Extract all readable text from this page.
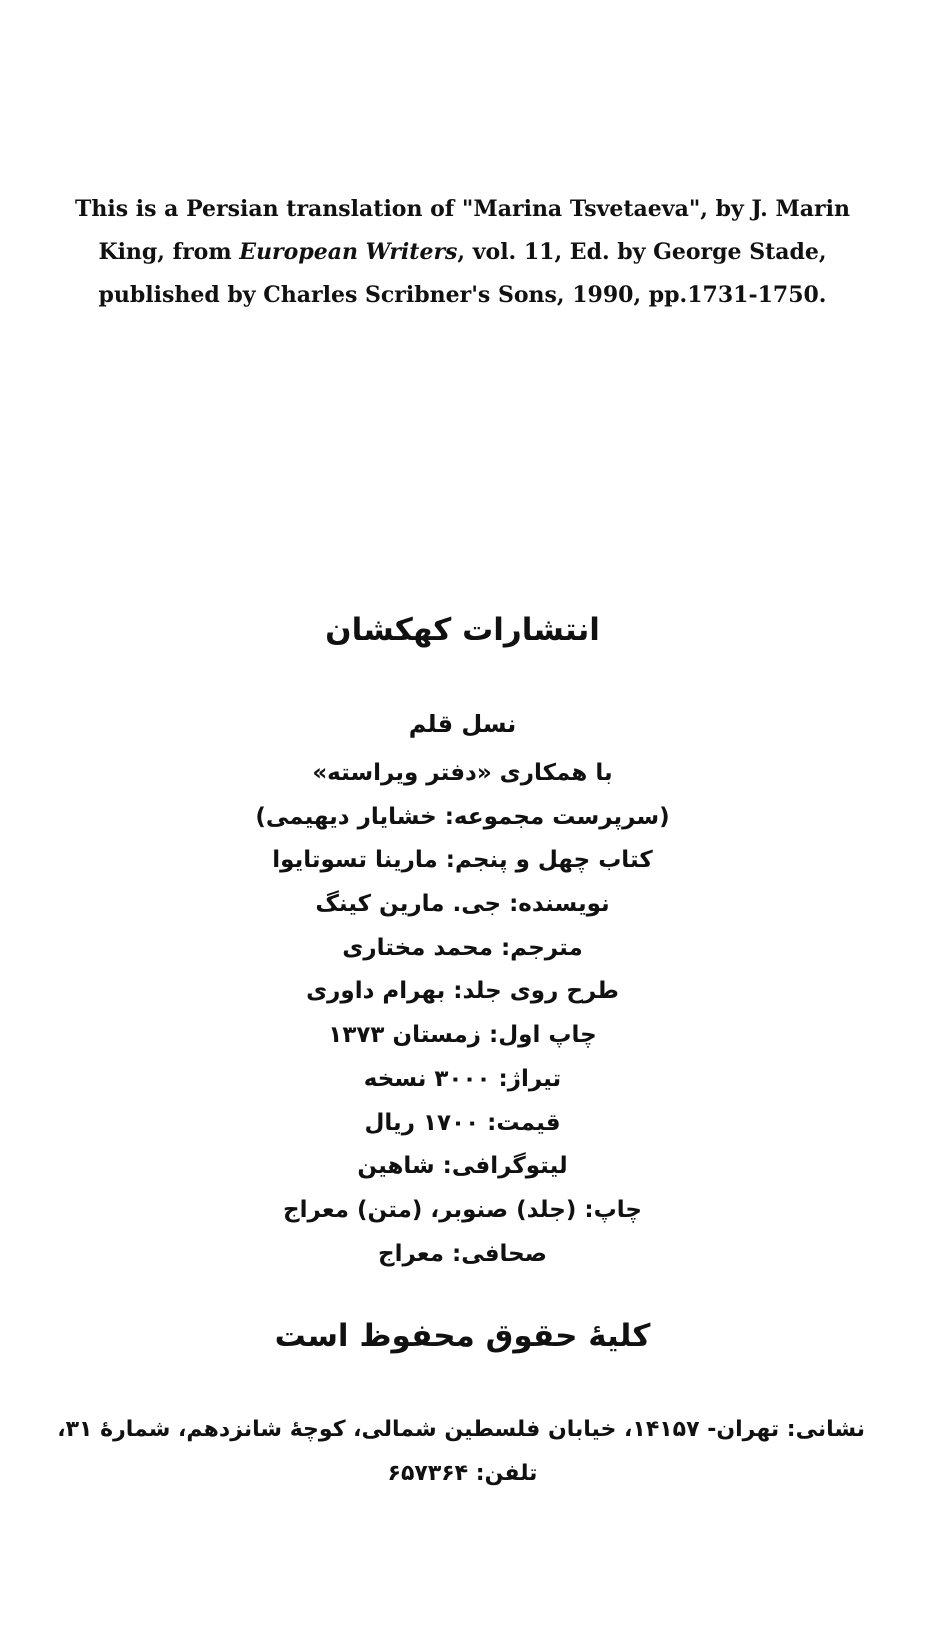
This is a Persian translation of "Marina Tsvetaeva", by J. Marin
King, from European Writers, vol. 11, Ed. by George Stade,
published by Charles Scribner's Sons, 1990, pp.1731-1750.
انتشارات کهکشان
نسل قلم
با همکاری «دفتر ویراسته»
(سرپرست مجموعه: خشایار دیهیمی)
کتاب چهل و پنجم: مارینا تسوتایوا
نویسنده: جی. مارین کینگ
مترجم: محمد مختاری
طرح روی جلد: بهرام داوری
چاپ اول: زمستان ۱۳۷۳
تیراژ: ۳۰۰۰ نسخه
قیمت: ۱۷۰۰ ریال
لیتوگرافی: شاهین
چاپ: (جلد) صنوبر، (متن) معراج
صحافی: معراج
کلیهٔ حقوق محفوظ است
نشانی: تهران- ۱۴۱۵۷، خیابان فلسطین شمالی، کوچهٔ شانزدهم، شمارهٔ ۳۱،
تلفن: ۶۵۷۳۶۴
